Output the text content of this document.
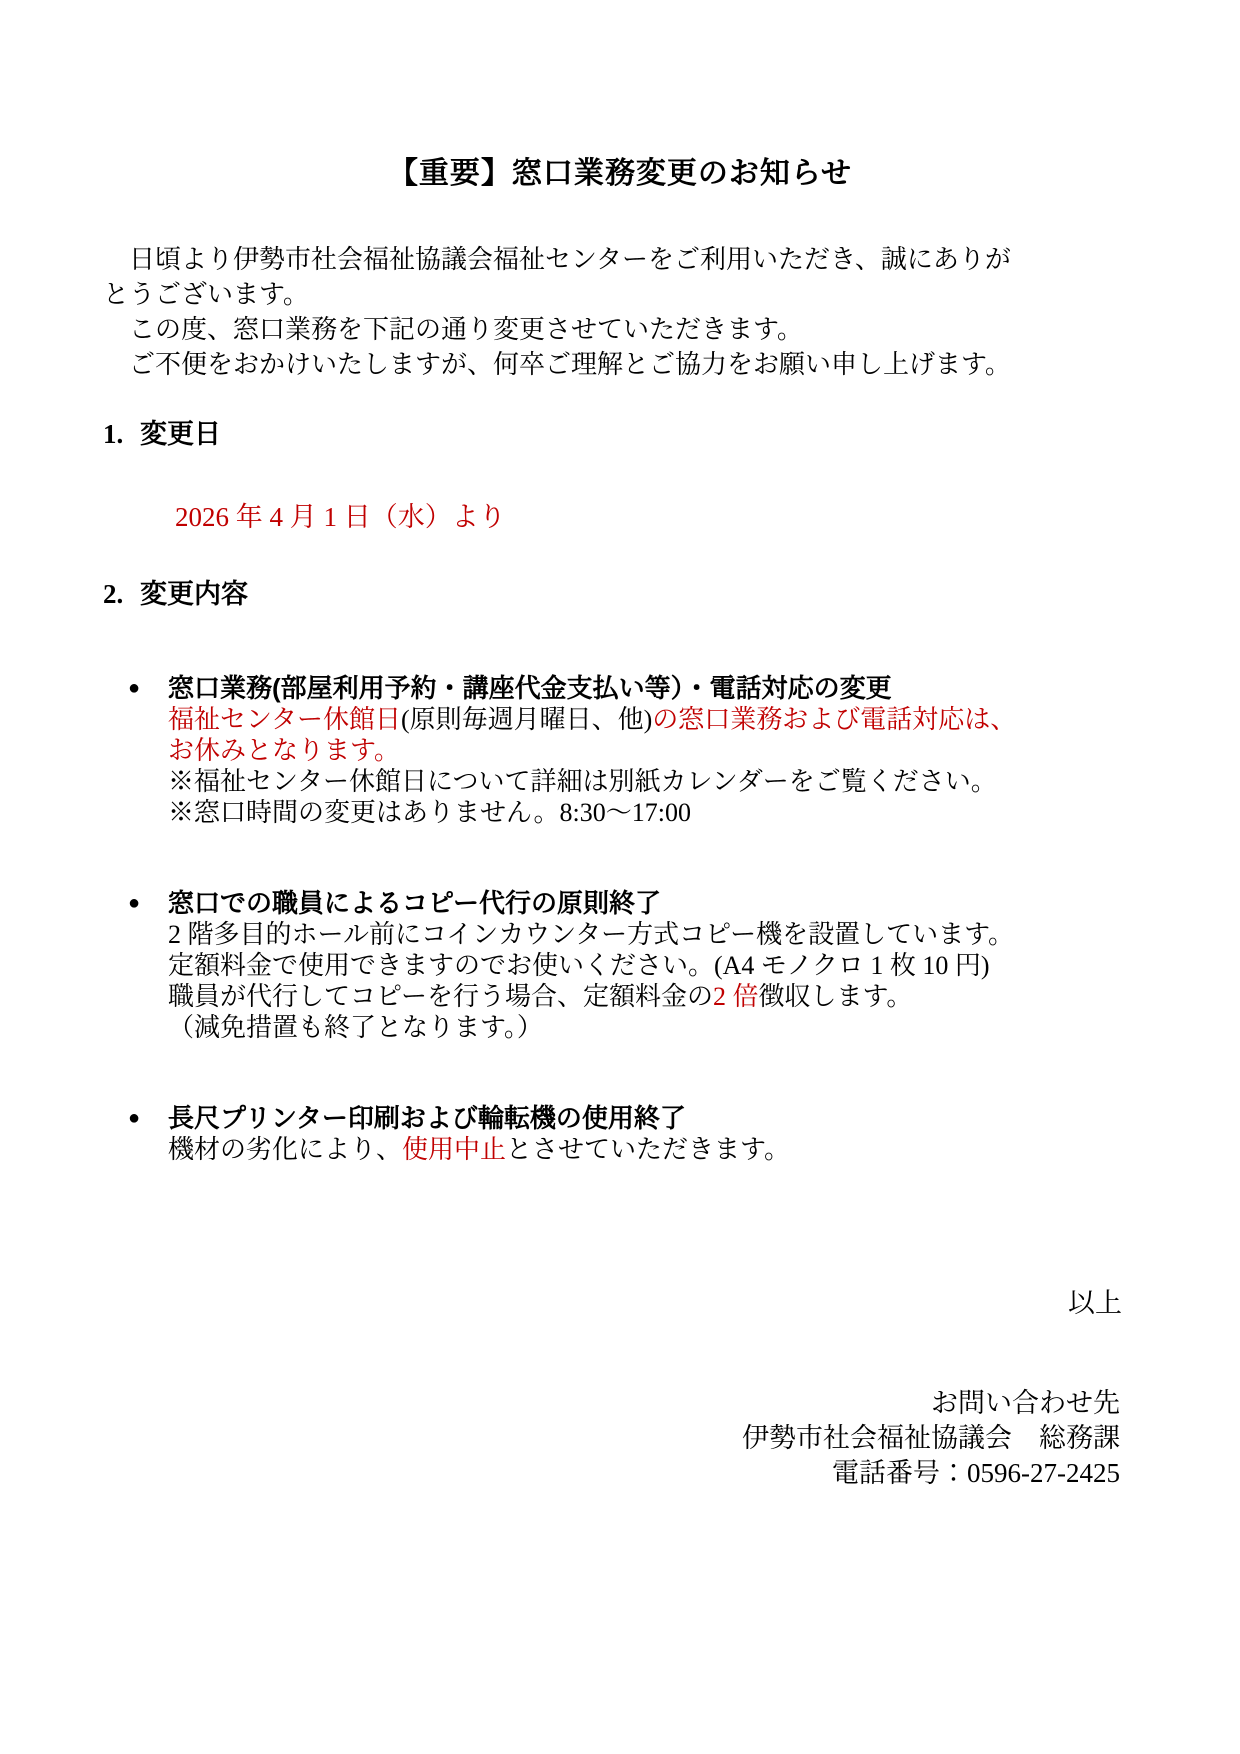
【重要】窓口業務変更のお知らせ
　日頃より伊勢市社会福祉協議会福祉センターをご利用いただき、誠にありが
とうございます。
　この度、窓口業務を下記の通り変更させていただきます。
　ご不便をおかけいたしますが、何卒ご理解とご協力をお願い申し上げます。
1. 変更日
2026 年 4 月 1 日（水）より
2. 変更内容
●	窓口業務(部屋利用予約・講座代金支払い等）・電話対応の変更
福祉センター休館日(原則毎週月曜日、他)の窓口業務および電話対応は、
お休みとなります。
※福祉センター休館日について詳細は別紙カレンダーをご覧ください。
※窓口時間の変更はありません。8:30～17:00
●	窓口での職員によるコピー代行の原則終了
2 階多目的ホール前にコインカウンター方式コピー機を設置しています。
定額料金で使用できますのでお使いください。(A4 モノクロ 1 枚 10 円)
職員が代行してコピーを行う場合、定額料金の2 倍徴収します。
（減免措置も終了となります。）
●	長尺プリンター印刷および輪転機の使用終了
機材の劣化により、使用中止とさせていただきます。
以上
お問い合わせ先
伊勢市社会福祉協議会　総務課
電話番号：0596-27-2425
